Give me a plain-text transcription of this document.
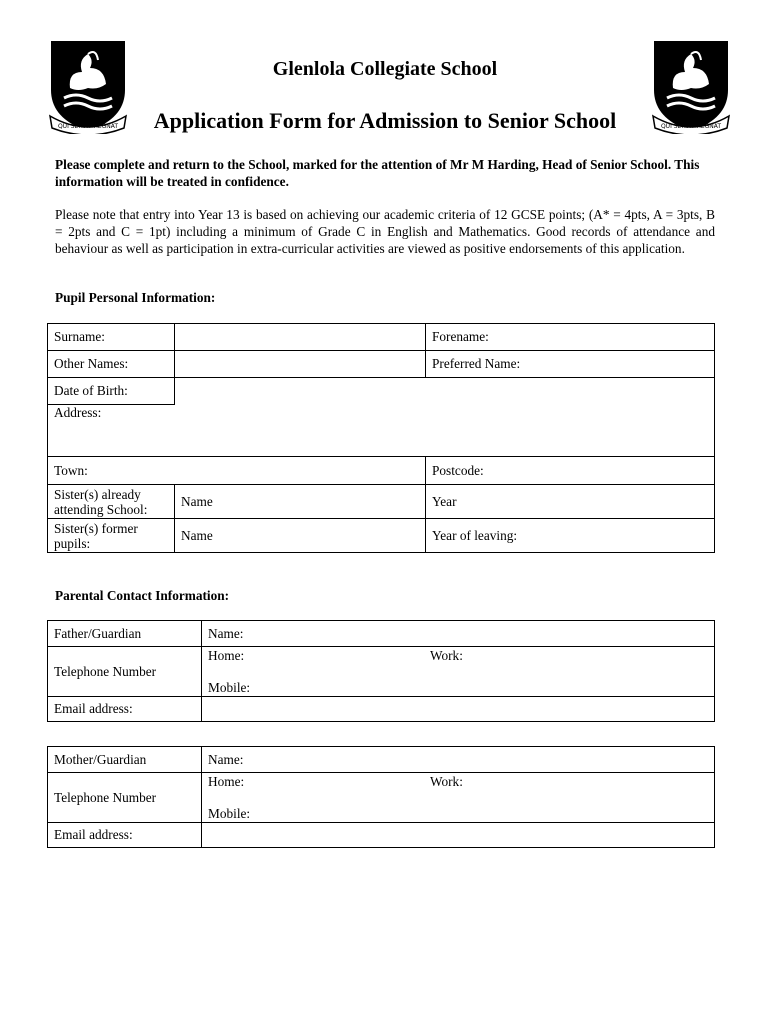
QUI SERVIT REGNAT	QUI SERVIT REGNAT
Glenlola Collegiate School
Application Form for Admission to Senior School
Please complete and return to the School, marked for the attention of Mr M Harding, Head of Senior School. This information will be treated in confidence.
Please note that entry into Year 13 is based on achieving our academic criteria of 12 GCSE points; (A* = 4pts, A = 3pts, B = 2pts and C = 1pt) including a minimum of Grade C in English and Mathematics. Good records of attendance and behaviour as well as participation in extra-curricular activities are viewed as positive endorsements of this application.
Pupil Personal Information:
Surname:		Forename:
Other Names:		Preferred Name:
Date of Birth:		
Address:		
Town:		Postcode:
Sister(s) already
attending School:	Name	Year
Sister(s) former
pupils:	Name	Year of leaving:
Parental Contact Information:
Father/Guardian	Name:
Telephone Number	Home: Work:
Mobile:

Email address:	
Mother/Guardian	Name:
Telephone Number	Home: Work:
Mobile:

Email address:	
